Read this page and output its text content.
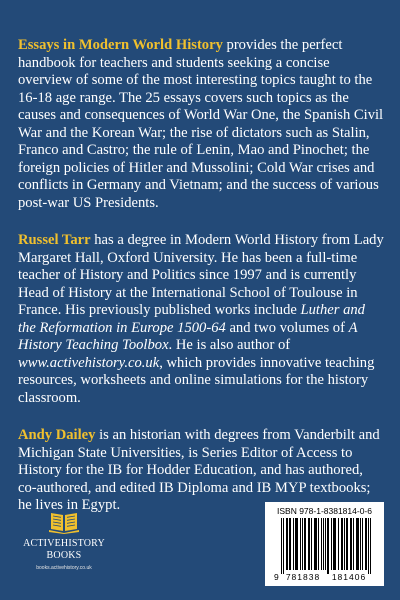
Essays in Modern World History provides the perfect handbook for teachers and students seeking a concise overview of some of the most interesting topics taught to the 16-18 age range. The 25 essays covers such topics as the causes and consequences of World War One, the Spanish Civil War and the Korean War; the rise of dictators such as Stalin, Franco and Castro; the rule of Lenin, Mao and Pinochet; the foreign policies of Hitler and Mussolini; Cold War crises and conflicts in Germany and Vietnam; and the success of various post-war US Presidents.

Russel Tarr has a degree in Modern World History from Lady Margaret Hall, Oxford University. He has been a full-time teacher of History and Politics since 1997 and is currently Head of History at the International School of Toulouse in France. His previously published works include Luther and the Reformation in Europe 1500-64 and two volumes of A History Teaching Toolbox. He is also author of www.activehistory.co.uk, which provides innovative teaching resources, worksheets and online simulations for the history classroom.

Andy Dailey is an historian with degrees from Vanderbilt and Michigan State Universities, is Series Editor of Access to History for the IB for Hodder Education, and has authored, co-authored, and edited IB Diploma and IB MYP textbooks; he lives in Egypt.

ACTIVEHISTORY
BOOKS
books.activehistory.co.uk
ISBN 978-1-8381814-0-6
9 781838 181406
